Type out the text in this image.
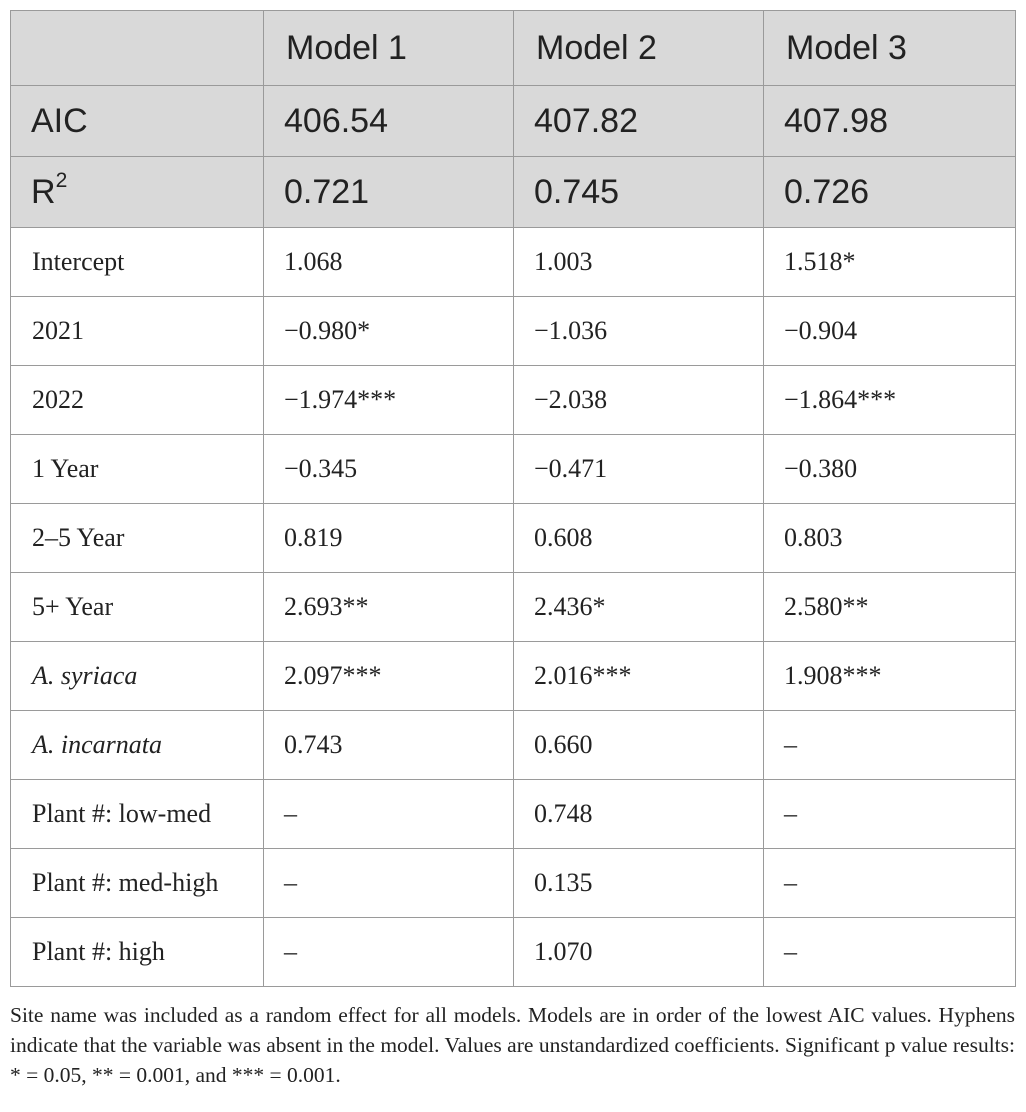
	Model 1	Model 2	Model 3
AIC	406.54	407.82	407.98
$R^2$	0.721	0.745	0.726
Intercept	1.068	1.003	1.518*
2021	−0.980*	−1.036	−0.904
2022	−1.974***	−2.038	−1.864***
1 Year	−0.345	−0.471	−0.380
2–5 Year	0.819	0.608	0.803
5+ Year	2.693**	2.436*	2.580**
A. syriaca	2.097***	2.016***	1.908***
A. incarnata	0.743	0.660	–
Plant #: low-med	–	0.748	–
Plant #: med-high	–	0.135	–
Plant #: high	–	1.070	–

Site name was included as a random effect for all models. Models are in order of the lowest AIC values. Hyphens indicate that the variable was absent in the model. Values are unstandardized coefficients. Significant p value results: * = 0.05, ** = 0.001, and *** = 0.001.
